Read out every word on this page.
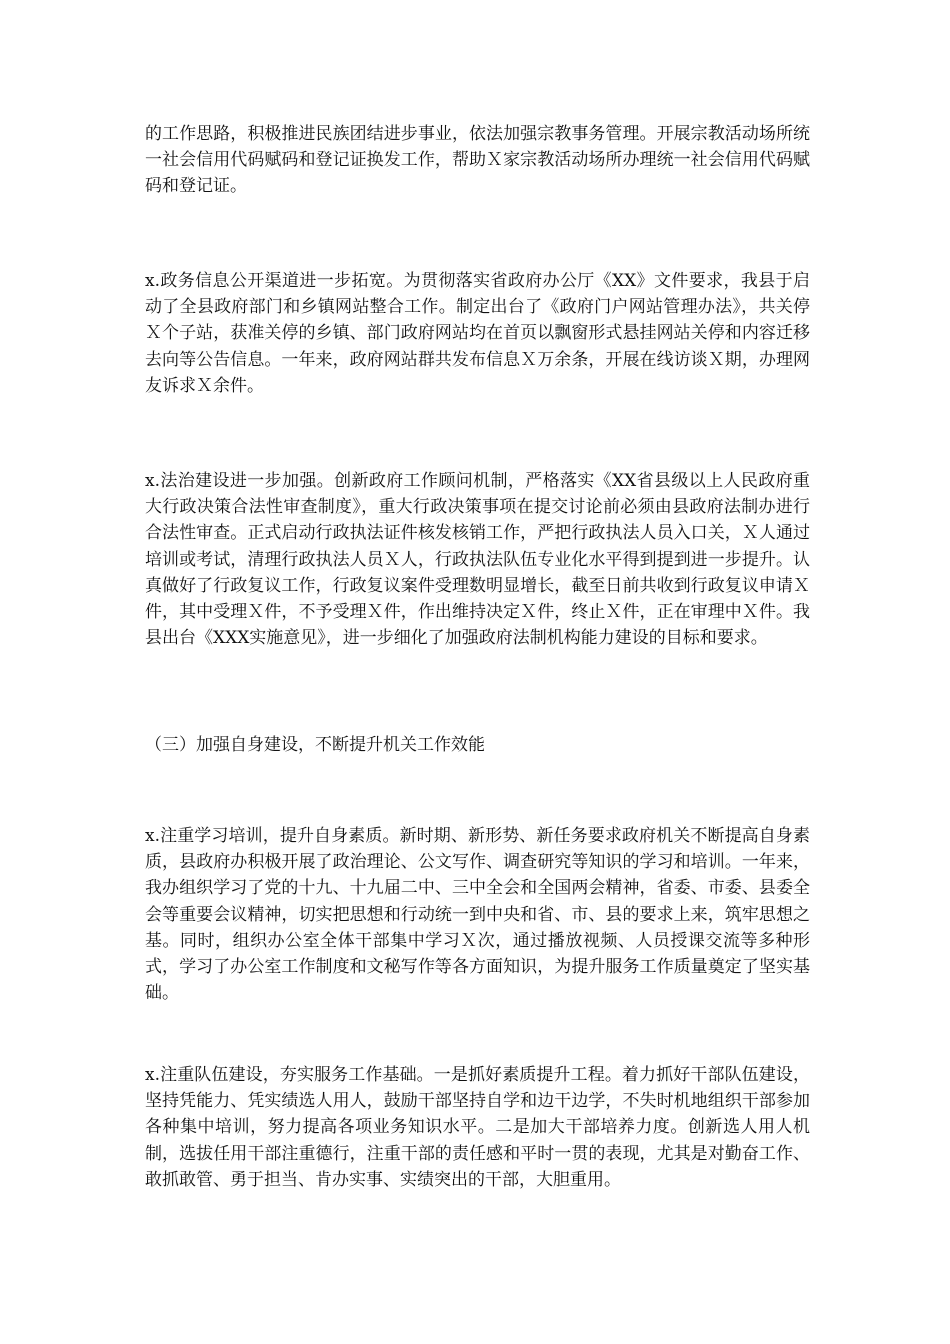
的工作思路，积极推进民族团结进步事业，依法加强宗教事务管理。开展宗教活动场所统一社会信用代码赋码和登记证换发工作，帮助Ｘ家宗教活动场所办理统一社会信用代码赋码和登记证。

x.政务信息公开渠道进一步拓宽。为贯彻落实省政府办公厅《XX》文件要求，我县于启动了全县政府部门和乡镇网站整合工作。制定出台了《政府门户网站管理办法》，共关停Ｘ个子站，获准关停的乡镇、部门政府网站均在首页以飘窗形式悬挂网站关停和内容迁移去向等公告信息。一年来，政府网站群共发布信息Ｘ万余条，开展在线访谈Ｘ期，办理网友诉求Ｘ余件。

x.法治建设进一步加强。创新政府工作顾问机制，严格落实《XX省县级以上人民政府重大行政决策合法性审查制度》，重大行政决策事项在提交讨论前必须由县政府法制办进行合法性审查。正式启动行政执法证件核发核销工作，严把行政执法人员入口关，Ｘ人通过培训或考试，清理行政执法人员Ｘ人，行政执法队伍专业化水平得到提到进一步提升。认真做好了行政复议工作，行政复议案件受理数明显增长，截至日前共收到行政复议申请Ｘ件，其中受理Ｘ件，不予受理Ｘ件，作出维持决定Ｘ件，终止Ｘ件，正在审理中Ｘ件。我县出台《XXX实施意见》，进一步细化了加强政府法制机构能力建设的目标和要求。

（三）加强自身建设，不断提升机关工作效能

x.注重学习培训，提升自身素质。新时期、新形势、新任务要求政府机关不断提高自身素质，县政府办积极开展了政治理论、公文写作、调查研究等知识的学习和培训。一年来，我办组织学习了党的十九、十九届二中、三中全会和全国两会精神，省委、市委、县委全会等重要会议精神，切实把思想和行动统一到中央和省、市、县的要求上来，筑牢思想之基。同时，组织办公室全体干部集中学习Ｘ次，通过播放视频、人员授课交流等多种形式，学习了办公室工作制度和文秘写作等各方面知识，为提升服务工作质量奠定了坚实基础。

x.注重队伍建设，夯实服务工作基础。一是抓好素质提升工程。着力抓好干部队伍建设，坚持凭能力、凭实绩选人用人，鼓励干部坚持自学和边干边学，不失时机地组织干部参加各种集中培训，努力提高各项业务知识水平。二是加大干部培养力度。创新选人用人机制，选拔任用干部注重德行，注重干部的责任感和平时一贯的表现，尤其是对勤奋工作、敢抓敢管、勇于担当、肯办实事、实绩突出的干部，大胆重用。
